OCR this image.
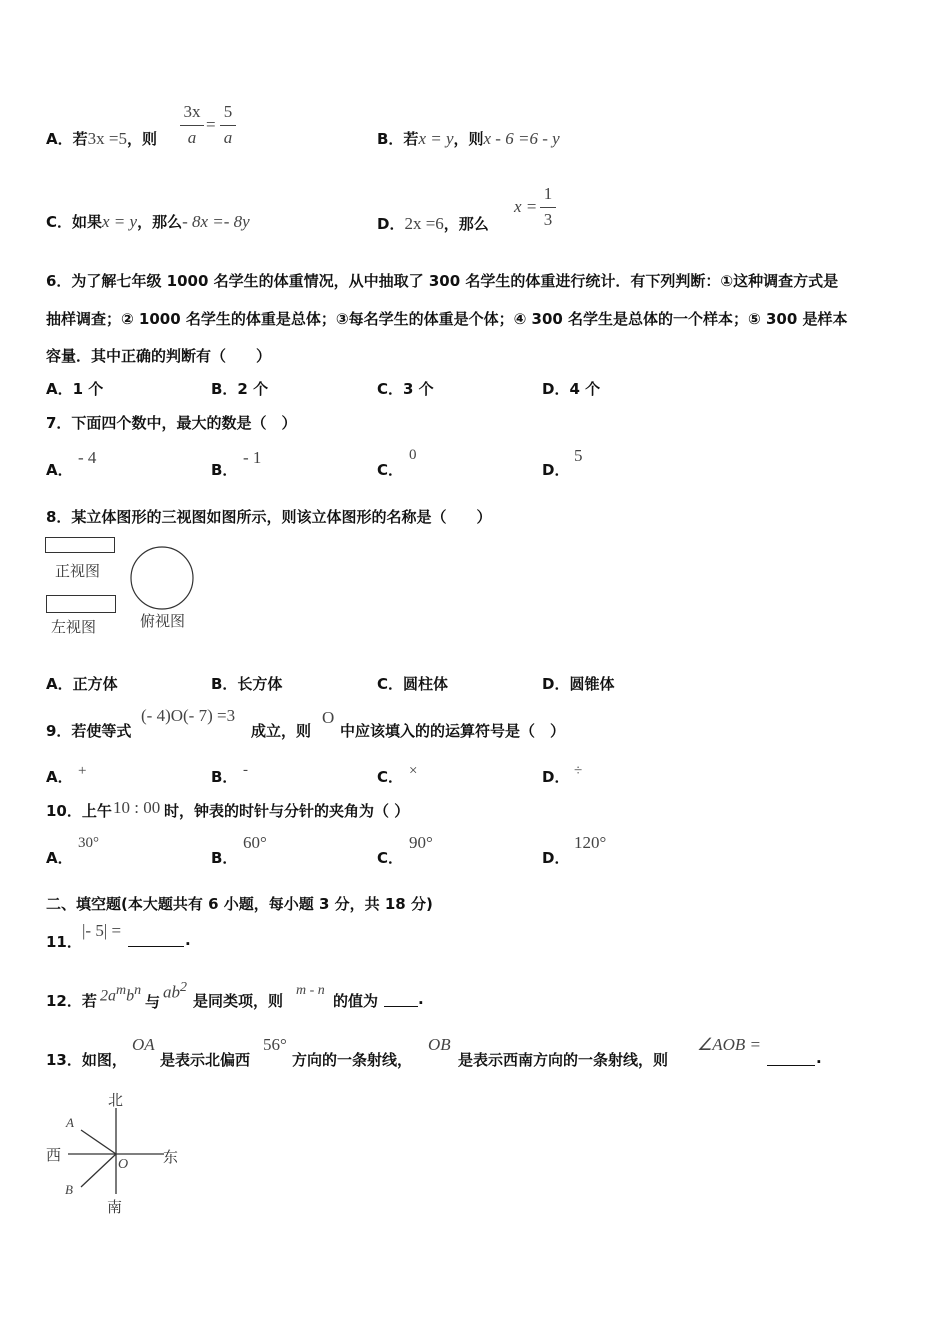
A．若3x =5，则
3x
a
=
5
a	B．若x = y，则x - 6 =6 - y
C．如果x = y，那么- 8x =- 8y	D．2x =6，那么
x =
1
3
6．为了解七年级 1000 名学生的体重情况，从中抽取了 300 名学生的体重进行统计．有下列判断：①这种调查方式是
抽样调查；② 1000 名学生的体重是总体；③每名学生的体重是个体；④ 300 名学生是总体的一个样本；⑤ 300 是样本
容量．其中正确的判断有（　　）
A．1 个	B．2 个	C．3 个	D．4 个
7．下面四个数中，最大的数是（　）
A．
- 4
B．
- 1
C．
0
D．
5
8．某立体图形的三视图如图所示，则该立体图形的名称是（　　）
正视图
左视图	俯视图
A．正方体	B．长方体	C．圆柱体	D．圆锥体
9．若使等式
(- 4)O(- 7) =3
成立，则
O
中应该填入的的运算符号是（　）
A． +	B． -	C． ×	D． ÷
10．上午 10 : 00 时，钟表的时针与分针的夹角为（ ）
A．
30°
B．
60°
C．
90°
D．
120°
二、填空题(本大题共有 6 小题，每小题 3 分，共 18 分)
11．
|- 5| =	.
12．若 $2a^mb^n$
与
$ab^2$
是同类项，则
m - n
的值为	.
13．如图，
OA
是表示北偏西
56°
方向的一条射线，
OB
是表示西南方向的一条射线，则
∠AOB =
.
北
西	东
南
A
B
O
